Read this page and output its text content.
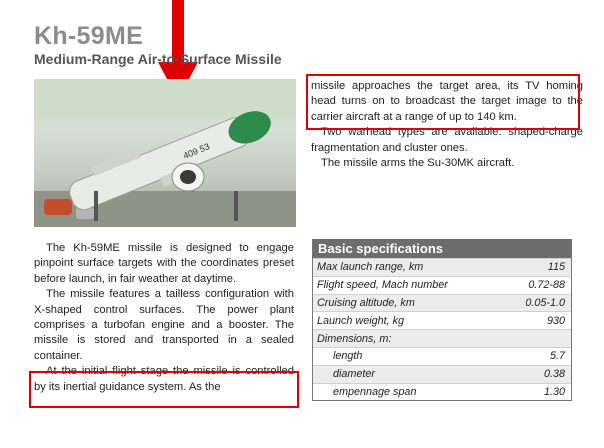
Kh-59ME
Medium-Range Air-to-Surface Missile
409 53

missile approaches the target area, its TV homing head turns on to broadcast the target image to the carrier aircraft at a range of up to 140 km.

Two warhead types are available: shaped-charge fragmentation and cluster ones.

The missile arms the Su-30MK aircraft.

The Kh-59ME missile is designed to engage pinpoint surface targets with the coordinates preset before launch, in fair weather at daytime.

The missile features a tailless configuration with X-shaped control surfaces. The power plant comprises a turbofan engine and a booster. The missile is stored and transported in a sealed container.

At the initial flight stage the missile is controlled by its inertial guidance system. As the

Basic specifications
Max launch range, km	115
Flight speed, Mach number	0.72-88
Cruising altitude, km	0.05-1.0
Launch weight, kg	930
Dimensions, m:
length	5.7
diameter	0.38
empennage span	1.30
